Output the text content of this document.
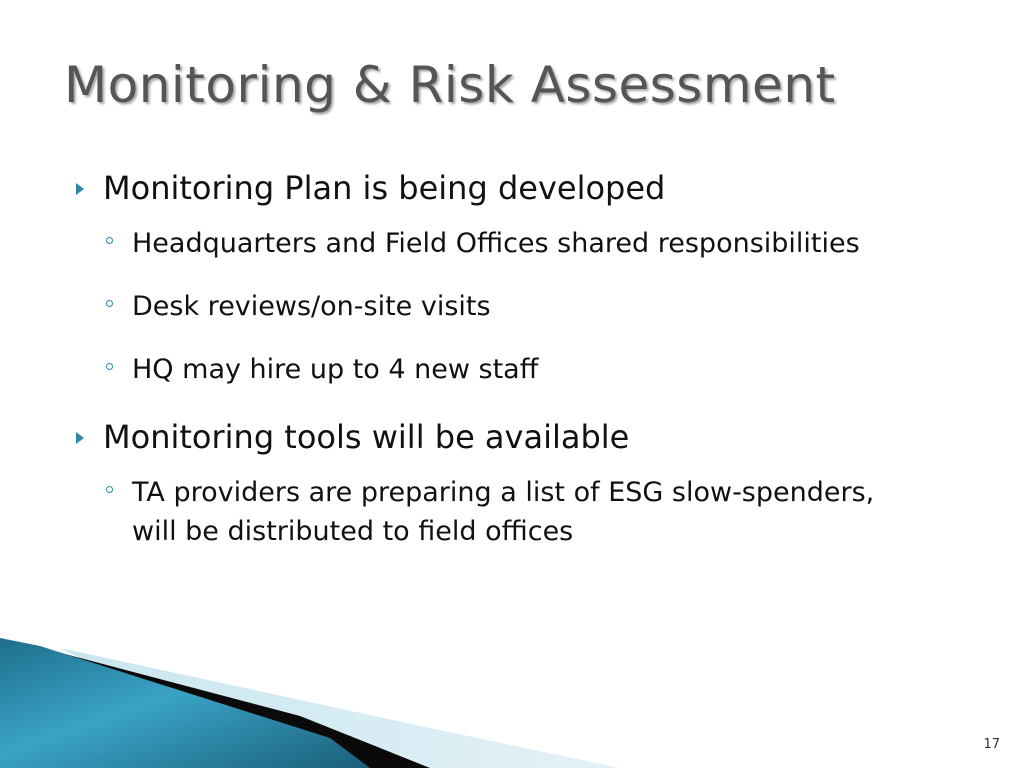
Monitoring & Risk Assessment
Monitoring Plan is being developed
Headquarters and Field Offices shared responsibilities
Desk reviews/on-site visits
HQ may hire up to 4 new staff
Monitoring tools will be available
TA providers are preparing a list of ESG slow-spenders, will be distributed to field offices
17
